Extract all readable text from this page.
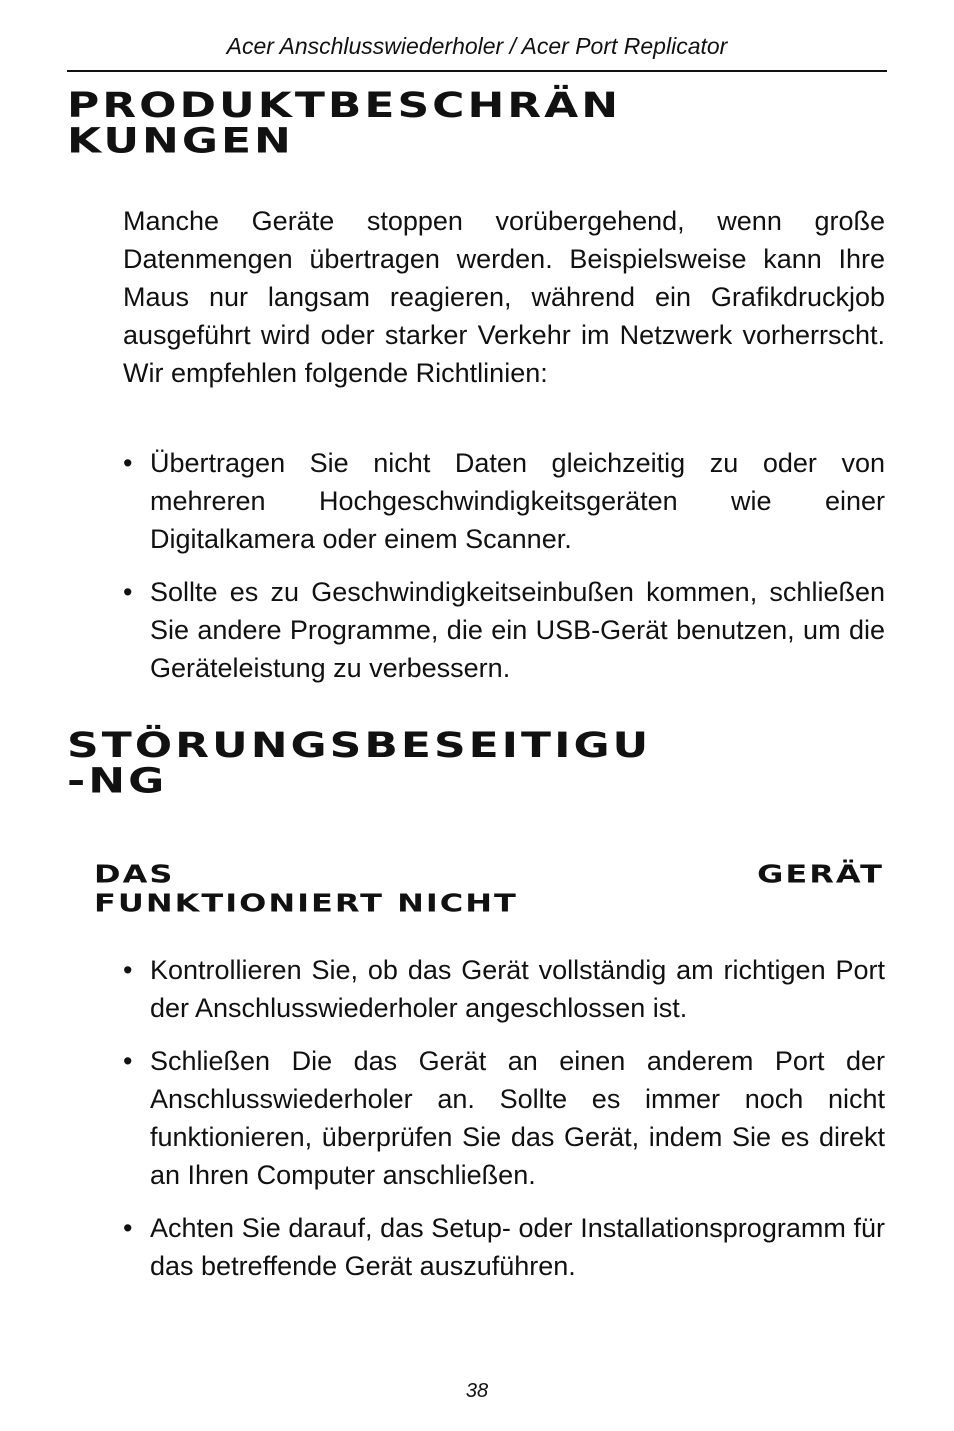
Acer Anschlusswiederholer / Acer Port Replicator
PRODUKTBESCHRÄN
KUNGEN
Manche Geräte stoppen vorübergehend, wenn große Datenmengen übertragen werden. Beispielsweise kann Ihre Maus nur langsam reagieren, während ein Grafikdruckjob ausgeführt wird oder starker Verkehr im Netzwerk vorherrscht. Wir empfehlen folgende Richtlinien:
• Übertragen Sie nicht Daten gleichzeitig zu oder von mehreren Hochgeschwindigkeitsgeräten wie einer Digitalkamera oder einem Scanner.
• Sollte es zu Geschwindigkeitseinbußen kommen, schließen Sie andere Programme, die ein USB-Gerät benutzen, um die Geräteleistung zu verbessern.
STÖRUNGSBESEITIGU
-NG
DAS	GERÄT
FUNKTIONIERT NICHT
• Kontrollieren Sie, ob das Gerät vollständig am richtigen Port der Anschlusswiederholer angeschlossen ist.
• Schließen Die das Gerät an einen anderem Port der Anschlusswiederholer an. Sollte es immer noch nicht funktionieren, überprüfen Sie das Gerät, indem Sie es direkt an Ihren Computer anschließen.
• Achten Sie darauf, das Setup- oder Installationsprogramm für das betreffende Gerät auszuführen.
38
